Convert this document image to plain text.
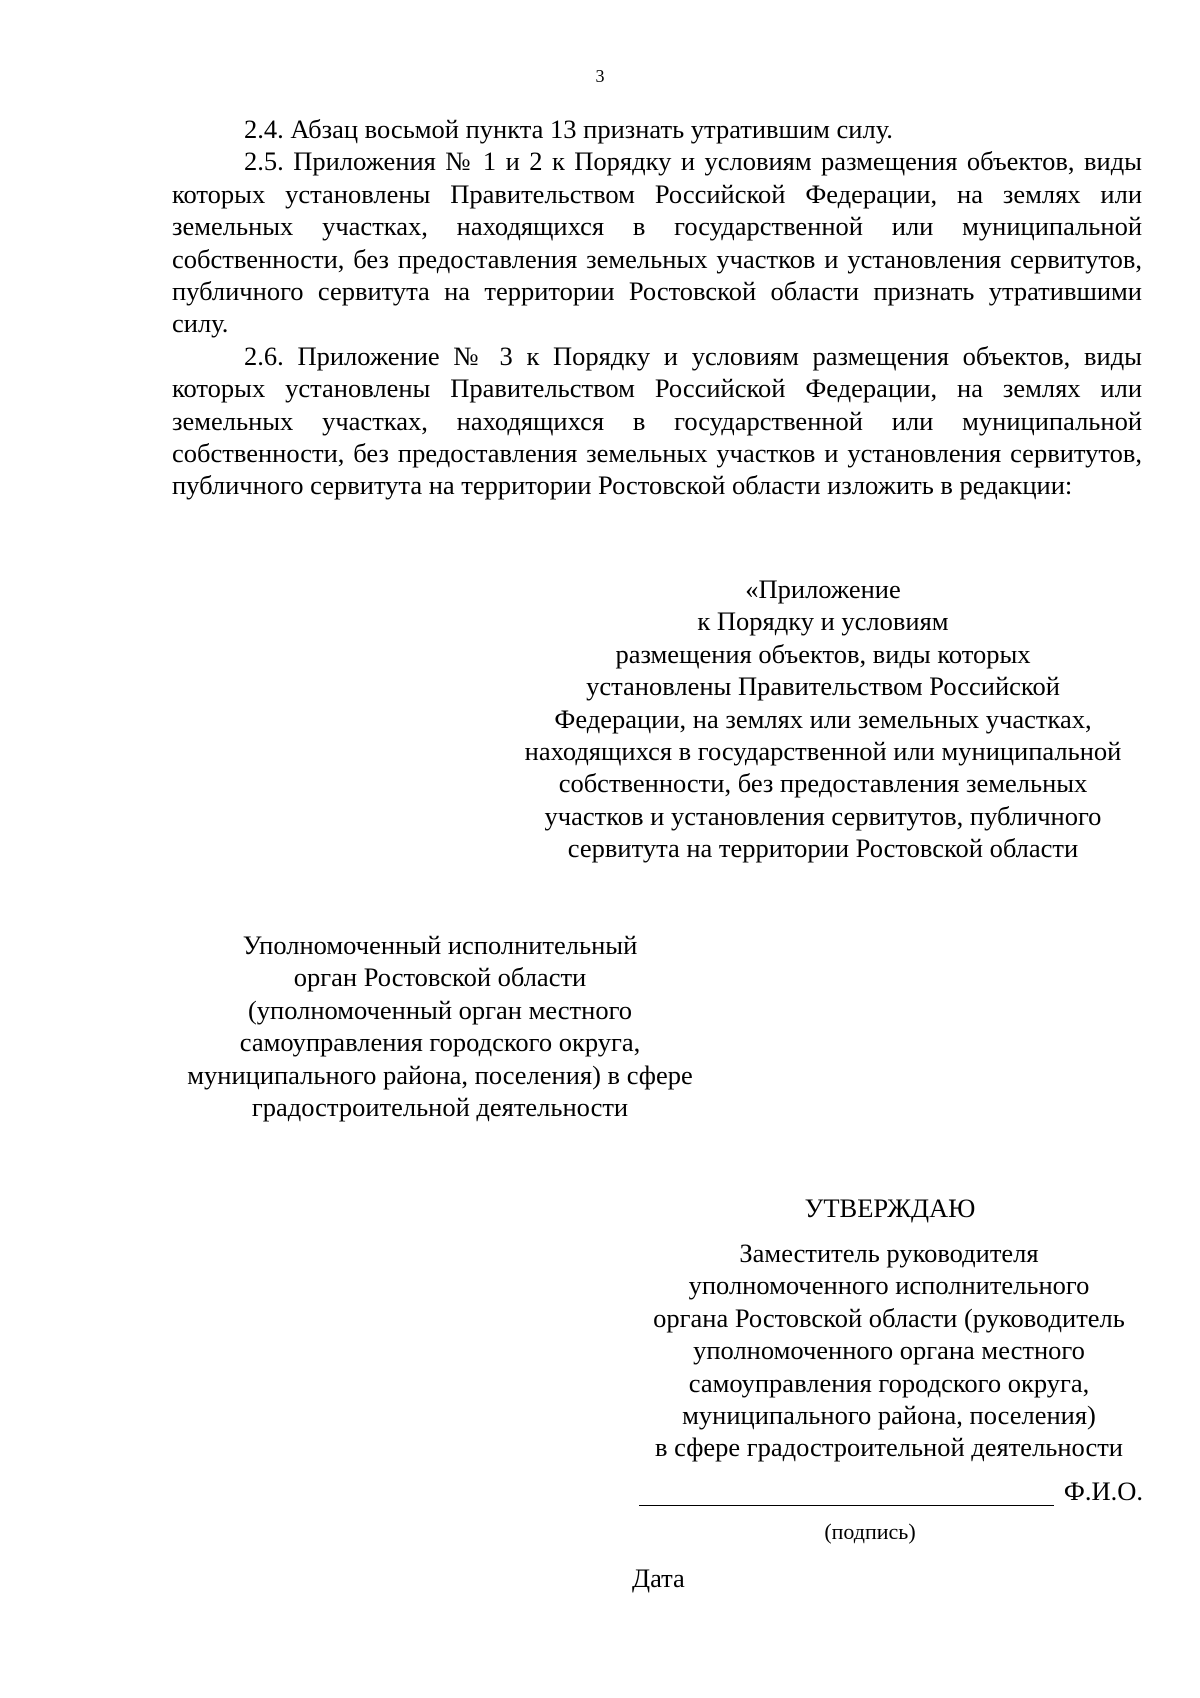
3

2.4. Абзац восьмой пункта 13 признать утратившим силу.

2.5. Приложения № 1 и 2 к Порядку и условиям размещения объектов, виды которых установлены Правительством Российской Федерации, на землях или земельных участках, находящихся в государственной или муниципальной собственности, без предоставления земельных участков и установления сервитутов, публичного сервитута на территории Ростовской области признать утратившими силу.

2.6. Приложение № 3 к Порядку и условиям размещения объектов, виды которых установлены Правительством Российской Федерации, на землях или земельных участках, находящихся в государственной или муниципальной собственности, без предоставления земельных участков и установления сервитутов, публичного сервитута на территории Ростовской области изложить в редакции:

«Приложение
к Порядку и условиям
размещения объектов, виды которых
установлены Правительством Российской
Федерации, на землях или земельных участках,
находящихся в государственной или муниципальной
собственности, без предоставления земельных
участков и установления сервитутов, публичного
сервитута на территории Ростовской области
Уполномоченный исполнительный
орган Ростовской области
(уполномоченный орган местного
самоуправления городского округа,
муниципального района, поселения) в сфере
градостроительной деятельности
УТВЕРЖДАЮ
Заместитель руководителя
уполномоченного исполнительного
органа Ростовской области (руководитель
уполномоченного органа местного
самоуправления городского округа,
муниципального района, поселения)
в сфере градостроительной деятельности
Ф.И.О.
(подпись)
Дата
